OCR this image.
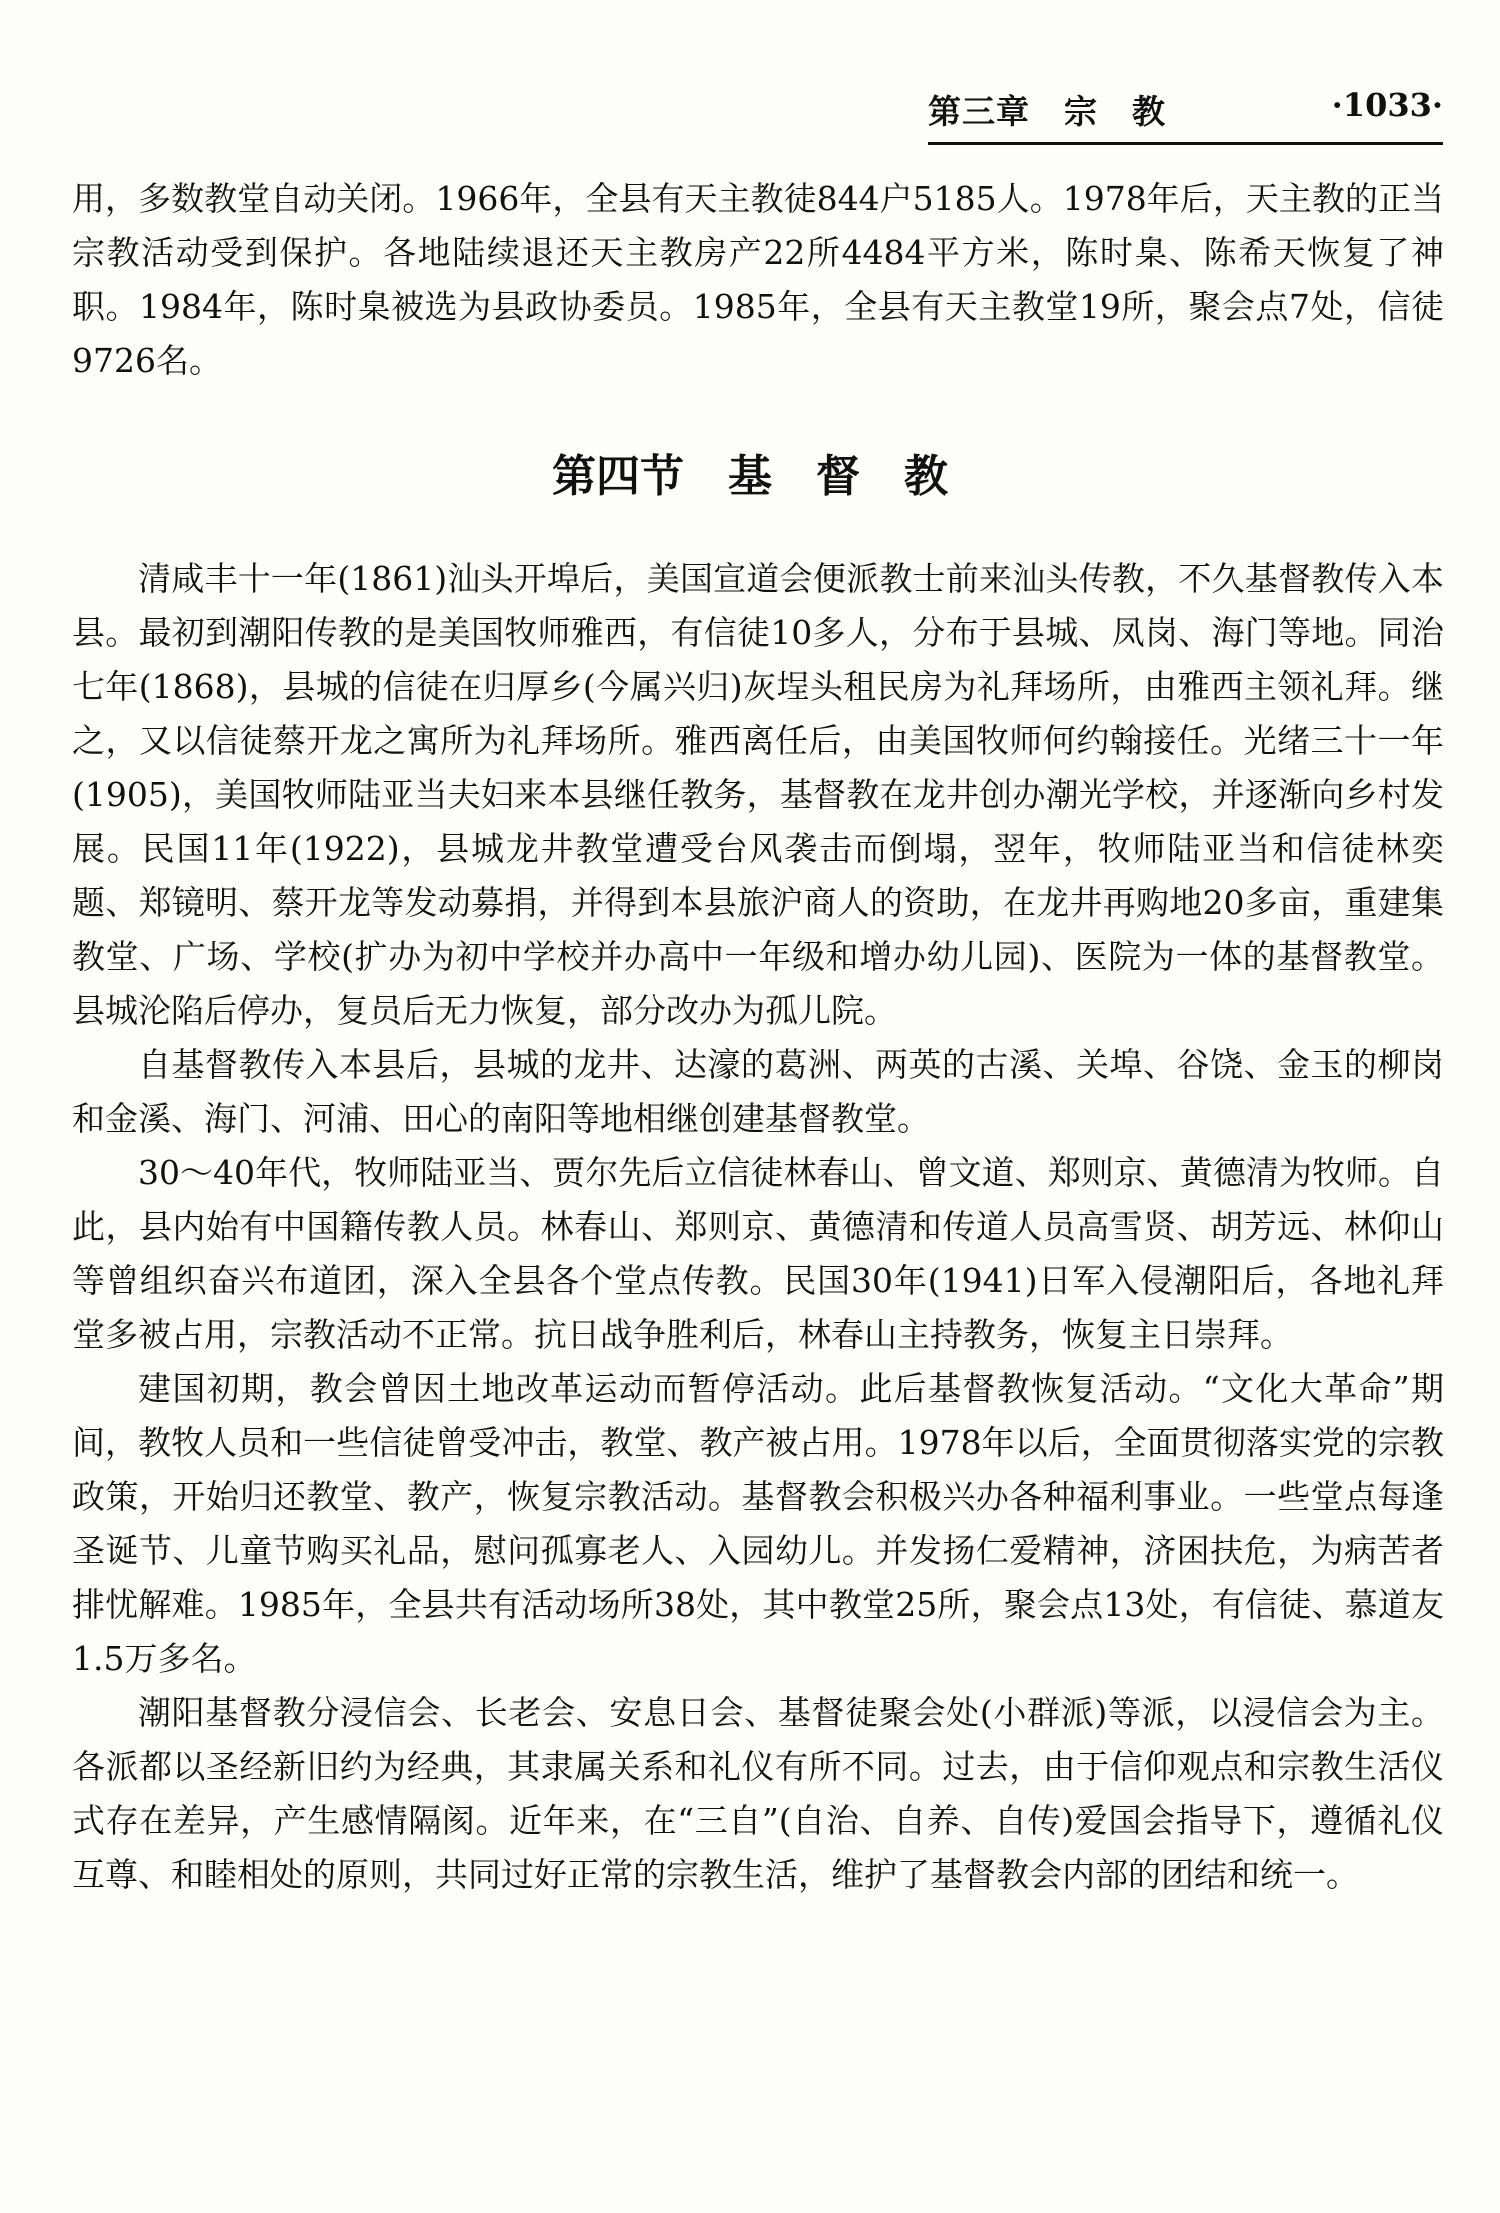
第三章　宗　教	·1033·

用，多数教堂自动关闭。1966年，全县有天主教徒844户5185人。1978年后，天主教的正当宗教活动受到保护。各地陆续退还天主教房产22所4484平方米，陈时臬、陈希天恢复了神职。1984年，陈时臬被选为县政协委员。1985年，全县有天主教堂19所，聚会点7处，信徒9726名。

第四节　基　督　教

清咸丰十一年(1861)汕头开埠后，美国宣道会便派教士前来汕头传教，不久基督教传入本县。最初到潮阳传教的是美国牧师雅西，有信徒10多人，分布于县城、凤岗、海门等地。同治七年(1868)，县城的信徒在归厚乡(今属兴归)灰埕头租民房为礼拜场所，由雅西主领礼拜。继之，又以信徒蔡开龙之寓所为礼拜场所。雅西离任后，由美国牧师何约翰接任。光绪三十一年(1905)，美国牧师陆亚当夫妇来本县继任教务，基督教在龙井创办潮光学校，并逐渐向乡村发展。民国11年(1922)，县城龙井教堂遭受台风袭击而倒塌，翌年，牧师陆亚当和信徒林奕题、郑镜明、蔡开龙等发动募捐，并得到本县旅沪商人的资助，在龙井再购地20多亩，重建集教堂、广场、学校(扩办为初中学校并办高中一年级和增办幼儿园)、医院为一体的基督教堂。县城沦陷后停办，复员后无力恢复，部分改办为孤儿院。

自基督教传入本县后，县城的龙井、达濠的葛洲、两英的古溪、关埠、谷饶、金玉的柳岗和金溪、海门、河浦、田心的南阳等地相继创建基督教堂。

30～40年代，牧师陆亚当、贾尔先后立信徒林春山、曾文道、郑则京、黄德清为牧师。自此，县内始有中国籍传教人员。林春山、郑则京、黄德清和传道人员高雪贤、胡芳远、林仰山等曾组织奋兴布道团，深入全县各个堂点传教。民国30年(1941)日军入侵潮阳后，各地礼拜堂多被占用，宗教活动不正常。抗日战争胜利后，林春山主持教务，恢复主日崇拜。

建国初期，教会曾因土地改革运动而暂停活动。此后基督教恢复活动。“文化大革命”期间，教牧人员和一些信徒曾受冲击，教堂、教产被占用。1978年以后，全面贯彻落实党的宗教政策，开始归还教堂、教产，恢复宗教活动。基督教会积极兴办各种福利事业。一些堂点每逢圣诞节、儿童节购买礼品，慰问孤寡老人、入园幼儿。并发扬仁爱精神，济困扶危，为病苦者排忧解难。1985年，全县共有活动场所38处，其中教堂25所，聚会点13处，有信徒、慕道友1.5万多名。

潮阳基督教分浸信会、长老会、安息日会、基督徒聚会处(小群派)等派，以浸信会为主。各派都以圣经新旧约为经典，其隶属关系和礼仪有所不同。过去，由于信仰观点和宗教生活仪式存在差异，产生感情隔阂。近年来，在“三自”(自治、自养、自传)爱国会指导下，遵循礼仪互尊、和睦相处的原则，共同过好正常的宗教生活，维护了基督教会内部的团结和统一。
